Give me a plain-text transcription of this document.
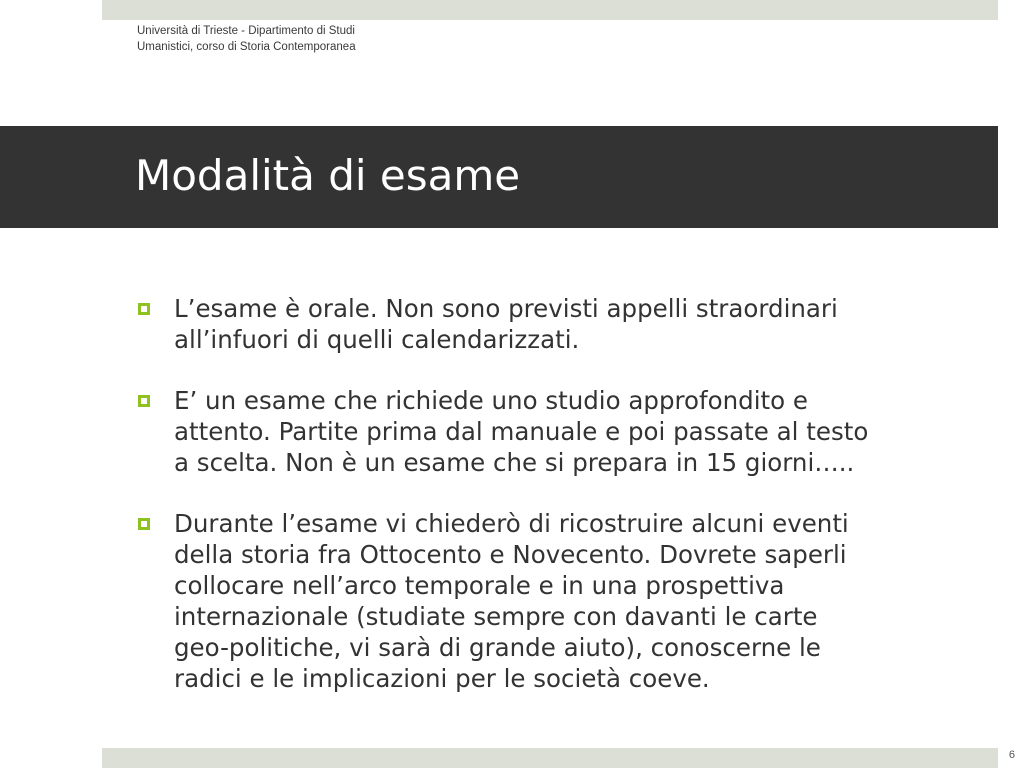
Università di Trieste - Dipartimento di Studi
Umanistici, corso di Storia Contemporanea
Modalità di esame
L’esame è orale. Non sono previsti appelli straordinari
all’infuori di quelli calendarizzati.
E’ un esame che richiede uno studio approfondito e
attento. Partite prima dal manuale e poi passate al testo
a scelta. Non è un esame che si prepara in 15 giorni…..
Durante l’esame vi chiederò di ricostruire alcuni eventi
della storia fra Ottocento e Novecento. Dovrete saperli
collocare nell’arco temporale e in una prospettiva
internazionale (studiate sempre con davanti le carte
geo-politiche, vi sarà di grande aiuto), conoscerne le
radici e le implicazioni per le società coeve.
6
